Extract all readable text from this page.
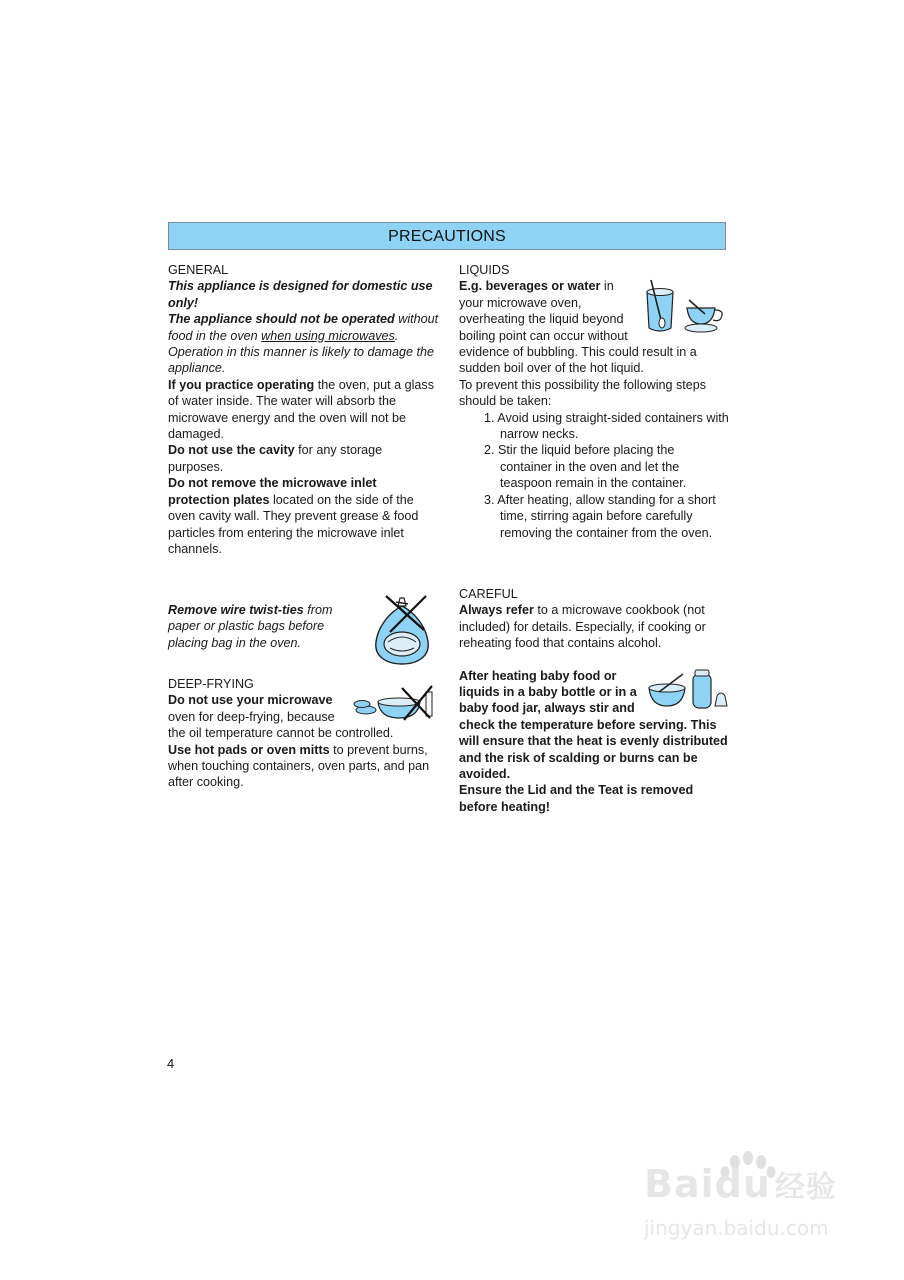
PRECAUTIONS

GENERAL

This appliance is designed for domestic use only!

The appliance should not be operated without food in the oven when using microwaves. Operation in this manner is likely to damage the appliance.

If you practice operating the oven, put a glass of water inside. The water will absorb the microwave energy and the oven will not be damaged.

Do not use the cavity for any storage purposes.

Do not remove the microwave inlet protection plates located on the side of the oven cavity wall. They prevent grease & food particles from entering the microwave inlet channels.

Remove wire twist-ties from paper or plastic bags before placing bag in the oven.

DEEP-FRYING

Do not use your microwave oven for deep-frying, because the oil temperature cannot be controlled.

Use hot pads or oven mitts to prevent burns, when touching containers, oven parts, and pan after cooking.

LIQUIDS

E.g. beverages or water in your microwave oven, overheating the liquid beyond boiling point can occur without evidence of bubbling. This could result in a sudden boil over of the hot liquid.

To prevent this possibility the following steps should be taken:

1. Avoid using straight-sided containers with narrow necks.
2. Stir the liquid before placing the container in the oven and let the teaspoon remain in the container.
3. After heating, allow standing for a short time, stirring again before carefully removing the container from the oven.

CAREFUL

Always refer to a microwave cookbook (not included) for details. Especially, if cooking or reheating food that contains alcohol.

After heating baby food or liquids in a baby bottle or in a baby food jar, always stir and check the temperature before serving. This will ensure that the heat is evenly distributed and the risk of scalding or burns can be avoided.

Ensure the Lid and the Teat is removed before heating!

4
Baidu 经验
jingyan.baidu.com
